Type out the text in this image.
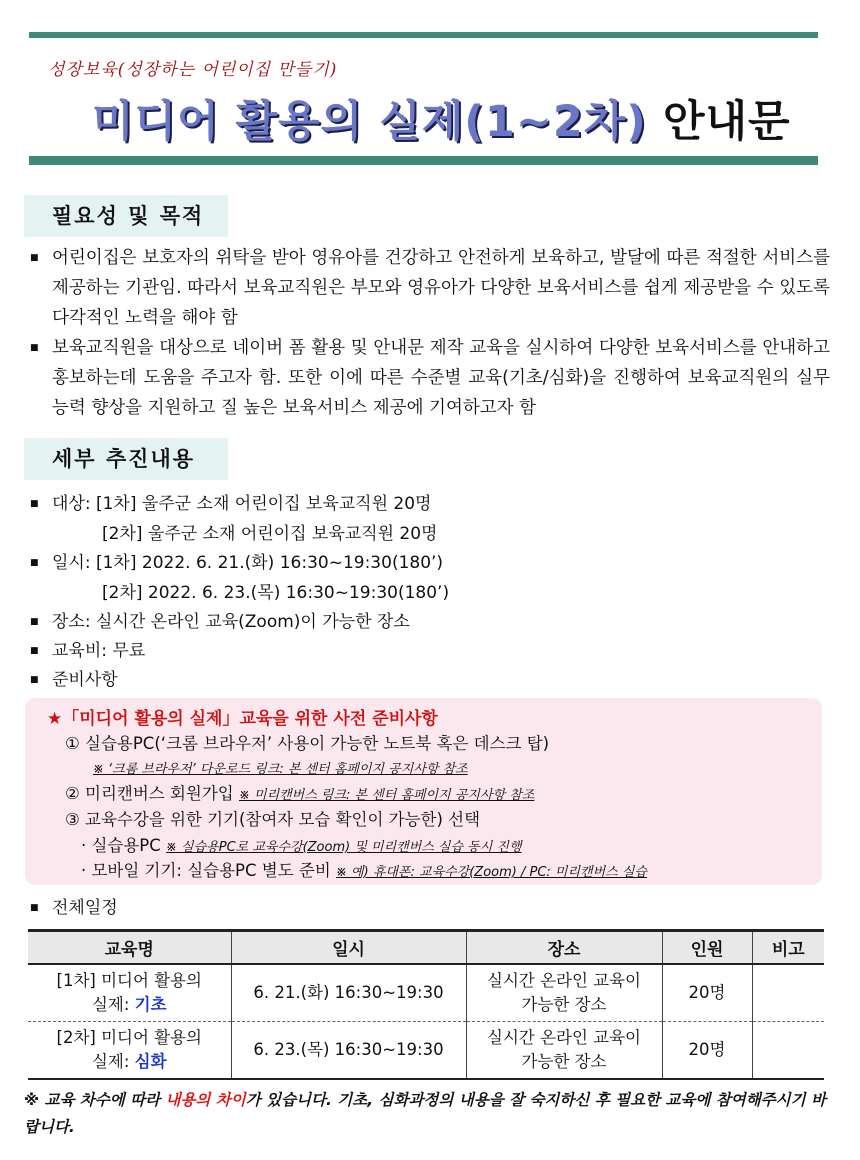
성장보육(성장하는 어린이집 만들기)
미디어 활용의 실제(1~2차) 안내문
필요성 및 목적
■ 어린이집은 보호자의 위탁을 받아 영유아를 건강하고 안전하게 보육하고, 발달에 따른 적절한 서비스를 제공하는 기관임. 따라서 보육교직원은 부모와 영유아가 다양한 보육서비스를 쉽게 제공받을 수 있도록 다각적인 노력을 해야 함
■ 보육교직원을 대상으로 네이버 폼 활용 및 안내문 제작 교육을 실시하여 다양한 보육서비스를 안내하고 홍보하는데 도움을 주고자 함. 또한 이에 따른 수준별 교육(기초/심화)을 진행하여 보육교직원의 실무능력 향상을 지원하고 질 높은 보육서비스 제공에 기여하고자 함
세부 추진내용
■ 대상: [1차] 울주군 소재 어린이집 보육교직원 20명
[2차] 울주군 소재 어린이집 보육교직원 20명
■ 일시: [1차] 2022. 6. 21.(화) 16:30~19:30(180’)
[2차] 2022. 6. 23.(목) 16:30~19:30(180’)
■ 장소: 실시간 온라인 교육(Zoom)이 가능한 장소
■ 교육비: 무료
■ 준비사항
★「미디어 활용의 실제」교육을 위한 사전 준비사항
① 실습용PC(‘크롬 브라우저’ 사용이 가능한 노트북 혹은 데스크 탑)
※ ‘크롬 브라우저’ 다운로드 링크: 본 센터 홈페이지 공지사항 참조
② 미리캔버스 회원가입 ※ 미리캔버스 링크: 본 센터 홈페이지 공지사항 참조
③ 교육수강을 위한 기기(참여자 모습 확인이 가능한) 선택
· 실습용PC ※ 실습용PC로 교육수강(Zoom) 및 미리캔버스 실습 동시 진행
· 모바일 기기: 실습용PC 별도 준비 ※ 예) 휴대폰: 교육수강(Zoom) / PC: 미리캔버스 실습
■ 전체일정
교육명	일시	장소	인원	비고
[1차] 미디어 활용의
실제: 기초	6. 21.(화) 16:30~19:30	실시간 온라인 교육이
가능한 장소	20명	
[2차] 미디어 활용의
실제: 심화	6. 23.(목) 16:30~19:30	실시간 온라인 교육이
가능한 장소	20명	
※ 교육 차수에 따라 내용의 차이가 있습니다. 기초, 심화과정의 내용을 잘 숙지하신 후 필요한 교육에 참여해주시기 바랍니다.
